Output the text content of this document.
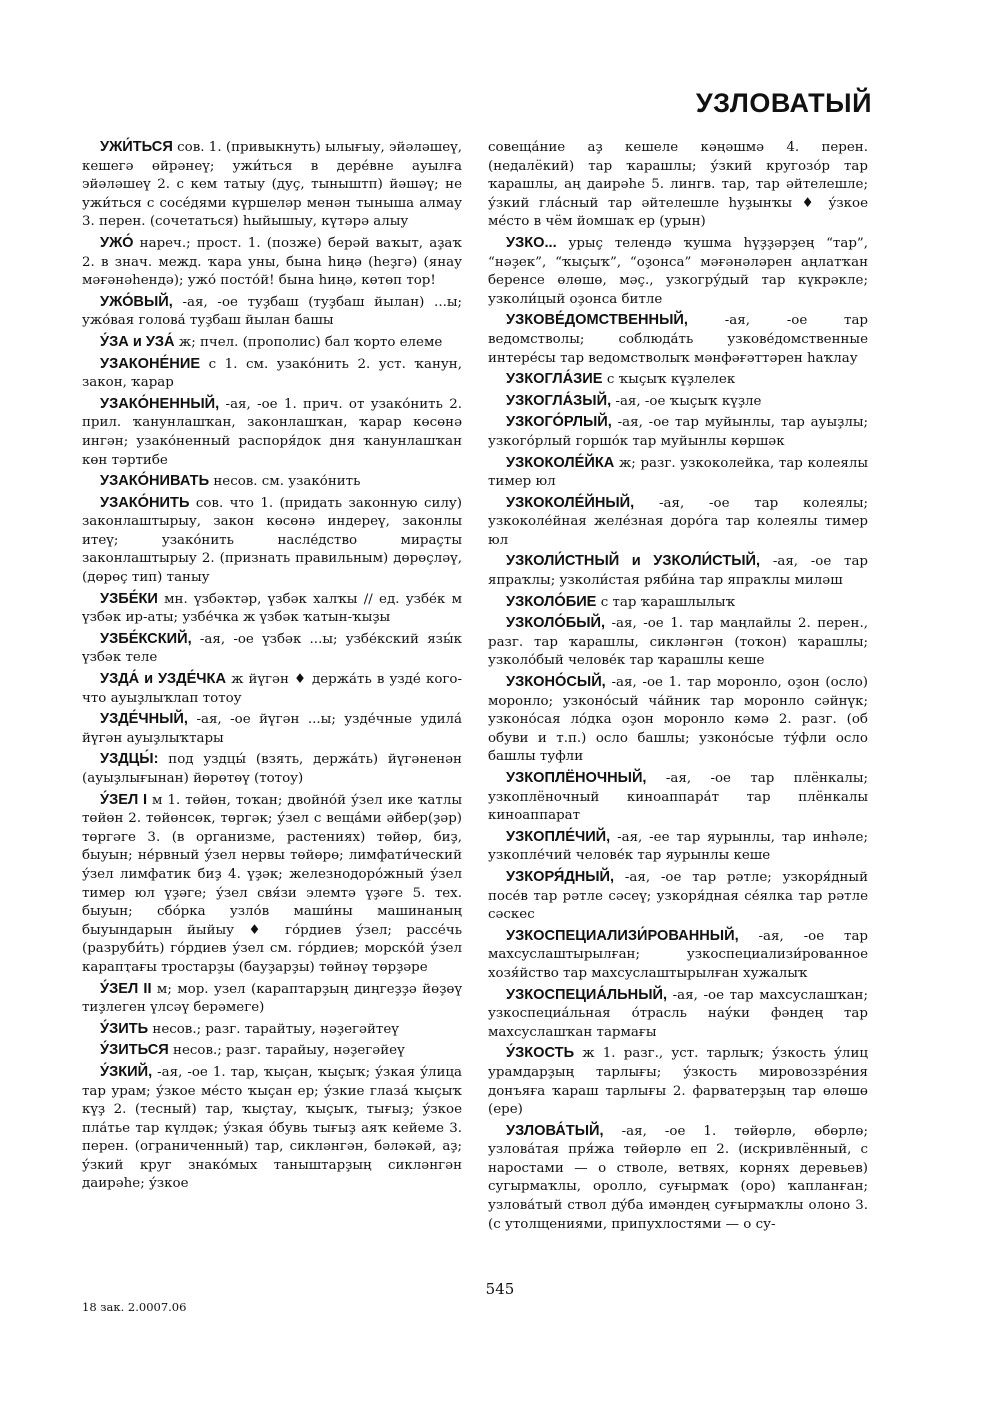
УЗЛОВАТЫЙ

УЖИ́ТЬСЯ сов. 1. (привыкнуть) ылығыу, эйәләшеү, кешегә өйрәнеү; ужи́ться в дере́вне ауылға эйәләшеү 2. с кем татыу (дуҫ, тыныштп) йәшәү; не ужи́ться с сосе́дями күршеләр менән тыныша алмау 3. перен. (сочетаться) һыйышыу, күтәрә алыу

УЖО́ нареч.; прост. 1. (позже) берәй ваҡыт, аҙаҡ 2. в знач. межд. ҡара уны, бына һиңә (һеҙгә) (янау мәғәнәһендә); ужо́ посто́й! бына һиңә, көтөп тор!

УЖО́ВЫЙ, -ая, -ое туҙбаш (туҙбаш йылан) ...ы; ужо́вая голова́ туҙбаш йылан башы

У́ЗА и УЗА́ ж; пчел. (прополис) бал ҡорто елеме

УЗАКОНЕ́НИЕ с 1. см. узако́нить 2. уст. ҡанун, закон, ҡарар

УЗАКО́НЕННЫЙ, -ая, -ое 1. прич. от узако́нить 2. прил. ҡанунлашҡан, законлашҡан, ҡарар көсөнә ингән; узако́ненный распоря́док дня ҡанунлашҡан көн тәртибе

УЗАКО́НИВАТЬ несов. см. узако́нить

УЗАКО́НИТЬ сов. что 1. (придать законную силу) законлаштырыу, закон көсөнә индереү, законлы итеү; узако́нить насле́дство мираҫты законлаштырыу 2. (признать правильным) дөрөҫләү, (дөрөҫ тип) таныу

УЗБЕ́КИ мн. үзбәктәр, үзбәк халҡы // ед. узбе́к м үзбәк ир-аты; узбе́чка ж үзбәк ҡатын-ҡыҙы

УЗБЕ́КСКИЙ, -ая, -ое үзбәк ...ы; узбе́кский язы́к үзбәк теле

УЗДА́ и УЗДЕ́ЧКА ж йүгән ♦ держа́ть в узде́ кого-что ауыҙлыҡлап тотоу

УЗДЕ́ЧНЫЙ, -ая, -ое йүгән ...ы; узде́чные удила́ йүгән ауыҙлыҡтары

УЗДЦЫ́: под уздцы́ (взять, держа́ть) йүгәненән (ауыҙлығынан) йөрөтөү (тотоу)

У́ЗЕЛ I м 1. төйөн, тоҡан; двойно́й у́зел ике ҡатлы төйөн 2. төйөнсөк, төргәк; у́зел с веща́ми әйбер(ҙәр) төргәге 3. (в организме, растениях) төйөр, биҙ, быуын; не́рвный у́зел нервы төйөрө; лимфати́ческий у́зел лимфатик биҙ 4. үҙәк; железнодоро́жный у́зел тимер юл үҙәге; у́зел свя́зи элемтә үҙәге 5. тех. быуын; сбо́рка узло́в маши́ны машинаның быуындарын йыйыу ♦ го́рдиев у́зел; рассе́чь (разруби́ть) го́рдиев у́зел см. го́рдиев; морско́й у́зел карапҭағы тростарҙы (бауҙарҙы) төйнәү төрҙәре

У́ЗЕЛ II м; мор. узел (караптарҙың диңгеҙҙә йөҙөү тиҙлеген үлсәү берәмеге)

У́ЗИТЬ несов.; разг. тарайтыу, нәҙегәйтеү

У́ЗИТЬСЯ несов.; разг. тарайыу, нәҙегәйеү

У́ЗКИЙ, -ая, -ое 1. тар, ҡыҫан, ҡыҫыҡ; у́зкая у́лица тар урам; у́зкое ме́сто ҡыҫан ер; у́зкие глаза́ ҡыҫыҡ күҙ 2. (тесный) тар, ҡыҫтау, ҡыҫыҡ, тығыҙ; у́зкое пла́тье тар күлдәк; у́зкая о́бувь тығыҙ аяҡ кейеме 3. перен. (ограниченный) тар, сикләнгән, бәләкәй, аҙ; у́зкий круг знако́мых таныштарҙың сикләнгән даирәһе; у́зкое

совеща́ние аҙ кешеле кәңәшмә 4. перен. (недалёкий) тар ҡарашлы; у́зкий кругозо́р тар ҡарашлы, аң даирәһе 5. лингв. тар, тар әйтелешле; у́зкий гла́сный тар әйтелешле һуҙынҡы ♦ у́зкое ме́сто в чём йомшаҡ ер (урын)

УЗКО... урыҫ телендә ҡушма һүҙҙәрҙең “тар”, “нәҙек”, “ҡыҫыҡ”, “оҙонса” мәғәнәләрен аңлатҡан беренсе өлөшө, мәҫ., узкогру́дый тар күкрәкле; узколи́цый оҙонса битле

УЗКОВЕ́ДОМСТВЕННЫЙ,	-ая, -ое тар ведомстволы; соблюда́ть узкове́домственные интере́сы тар ведомстволыҡ мәнфәғәттәрен һаҡлау

УЗКОГЛА́ЗИЕ с ҡыҫыҡ күҙлелек

УЗКОГЛА́ЗЫЙ, -ая, -ое ҡыҫыҡ күҙле

УЗКОГО́РЛЫЙ, -ая, -ое тар муйынлы, тар ауыҙлы; узкого́рлый горшо́к тар муйынлы көршәк

УЗКОКОЛЕ́ЙКА ж; разг. узкоколейка, тар колеялы тимер юл

УЗКОКОЛЕ́ЙНЫЙ, -ая, -ое тар колеялы; узкоколе́йная желе́зная доро́га тар колеялы тимер юл

УЗКОЛИ́СТНЫЙ и УЗКОЛИ́СТЫЙ, -ая, -ое тар япраҡлы; узколи́стая ряби́на тар япраҡлы миләш

УЗКОЛО́БИЕ с тар ҡарашлылыҡ

УЗКОЛО́БЫЙ, -ая, -ое 1. тар маңлайлы 2. перен., разг. тар ҡарашлы, сикләнгән (тоҡон) ҡарашлы; узколо́бый челове́к тар ҡарашлы кеше

УЗКОНО́СЫЙ, -ая, -ое 1. тар моронло, оҙон (осло) моронло; узконо́сый ча́йник тар моронло сәйнүк; узконо́сая ло́дка оҙон моронло кәмә 2. разг. (об обуви и т.п.) осло башлы; узконо́сые ту́фли осло башлы туфли

УЗКОПЛЁНОЧНЫЙ, -ая, -ое тар плёнкалы; узкоплёночный киноаппара́т тар плёнкалы киноаппарат

УЗКОПЛЕ́ЧИЙ, -ая, -ее тар яурынлы, тар инһәле; узкопле́чий челове́к тар яурынлы кеше

УЗКОРЯ́ДНЫЙ, -ая, -ое тар рәтле; узкоря́дный посе́в тар рәтле сәсеү; узкоря́дная се́ялка тар рәтле сәскес

УЗКОСПЕЦИАЛИЗИ́РОВАННЫЙ, -ая, -ое тар махсуслаштырылған; узкоспециализи́рованное хозя́йство тар махсуслаштырылған хужалыҡ

УЗКОСПЕЦИА́ЛЬНЫЙ, -ая, -ое тар махсуслашҡан; узкоспециа́льная о́трасль нау́ки фәндең тар махсуслашҡан тармағы

У́ЗКОСТЬ ж 1. разг., уст. тарлыҡ; у́зкость у́лиц урамдарҙың тарлығы; у́зкость мировоззре́ния донъяға ҡараш тарлығы 2. фарватерҙың тар өлөшө (ере)

УЗЛОВА́ТЫЙ, -ая, -ое 1. төйөрлө, өбөрлө; узлова́тая пря́жа төйөрлө еп 2. (искривлённый, с наростами — о стволе, ветвях, корнях деревьев) сугырмаҡлы, оролло, суғырмаҡ (оро) ҡапланған; узлова́тый ствол ду́ба имәндең суғырмаҡлы олоно 3. (с утолщениями, припухлостями — о су-

545
18 зак. 2.0007.06
